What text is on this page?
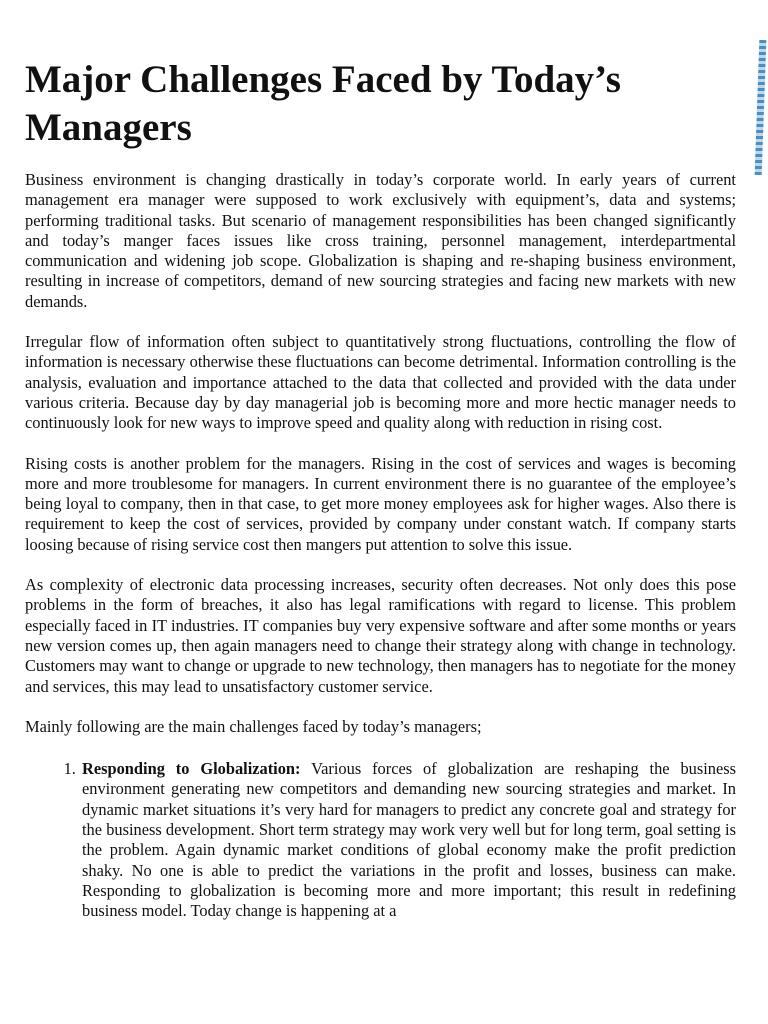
Major Challenges Faced by Today’s Managers

Business environment is changing drastically in today’s corporate world. In early years of current management era manager were supposed to work exclusively with equipment’s, data and systems; performing traditional tasks. But scenario of management responsibilities has been changed significantly and today’s manger faces issues like cross training, personnel management, interdepartmental communication and widening job scope. Globalization is shaping and re-shaping business environment, resulting in increase of competitors, demand of new sourcing strategies and facing new markets with new demands.

Irregular flow of information often subject to quantitatively strong fluctuations, controlling the flow of information is necessary otherwise these fluctuations can become detrimental. Information controlling is the analysis, evaluation and importance attached to the data that collected and provided with the data under various criteria. Because day by day managerial job is becoming more and more hectic manager needs to continuously look for new ways to improve speed and quality along with reduction in rising cost.

Rising costs is another problem for the managers. Rising in the cost of services and wages is becoming more and more troublesome for managers. In current environment there is no guarantee of the employee’s being loyal to company, then in that case, to get more money employees ask for higher wages. Also there is requirement to keep the cost of services, provided by company under constant watch. If company starts loosing because of rising service cost then mangers put attention to solve this issue.

As complexity of electronic data processing increases, security often decreases. Not only does this pose problems in the form of breaches, it also has legal ramifications with regard to license. This problem especially faced in IT industries. IT companies buy very expensive software and after some months or years new version comes up, then again managers need to change their strategy along with change in technology. Customers may want to change or upgrade to new technology, then managers has to negotiate for the money and services, this may lead to unsatisfactory customer service.

Mainly following are the main challenges faced by today’s managers;

1. Responding to Globalization: Various forces of globalization are reshaping the business environment generating new competitors and demanding new sourcing strategies and market. In dynamic market situations it’s very hard for managers to predict any concrete goal and strategy for the business development. Short term strategy may work very well but for long term, goal setting is the problem. Again dynamic market conditions of global economy make the profit prediction shaky. No one is able to predict the variations in the profit and losses, business can make. Responding to globalization is becoming more and more important; this result in redefining business model. Today change is happening at a
